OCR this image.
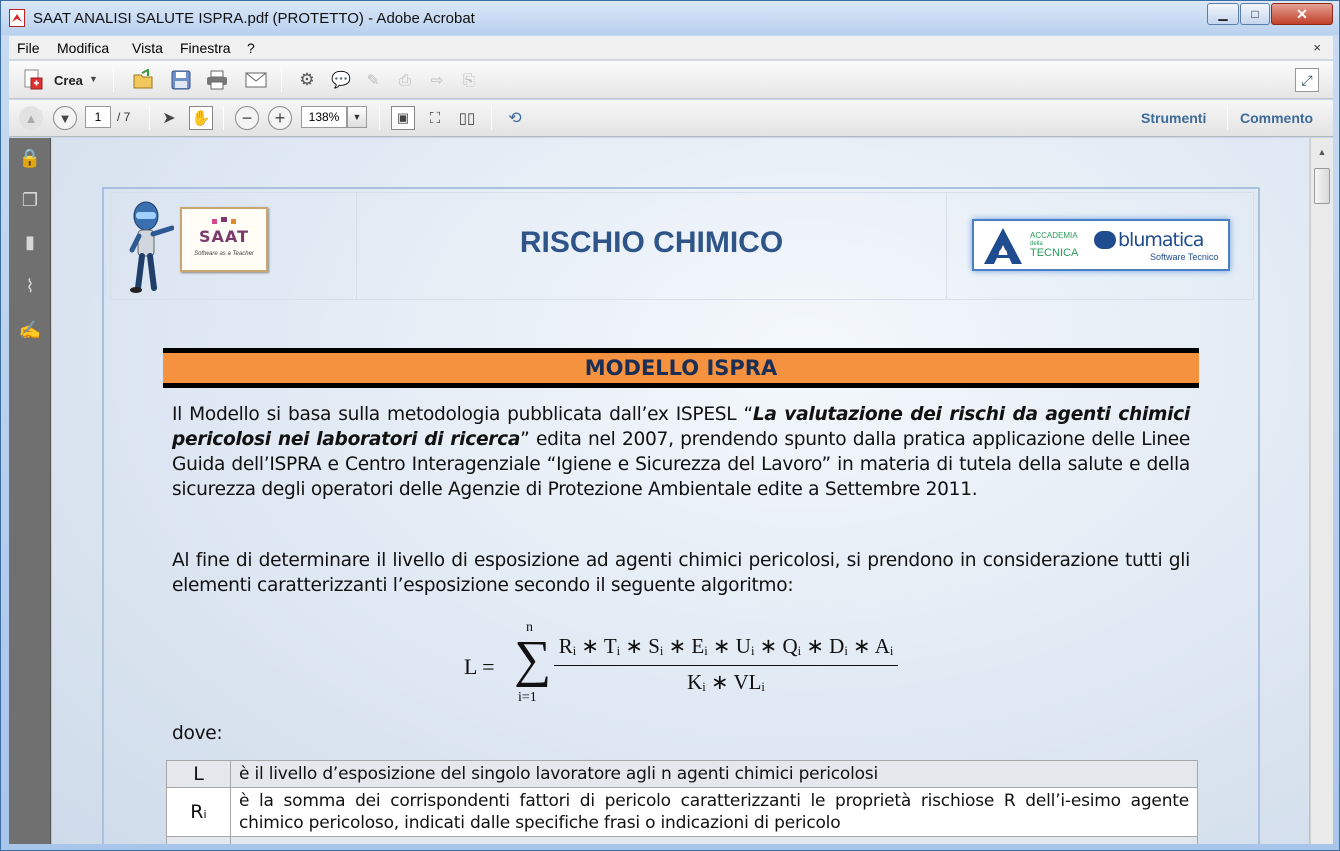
SAAT ANALISI SALUTE ISPRA.pdf (PROTETTO) - Adobe Acrobat	▁	□	✕
File Modifica Vista Finestra ?	×
Crea ▼	⚙ 💬	✎	⎙	⇨	⎘	⤢
▲	▼	1	/ 7	➤	✋	−	+	138%	▼	▣	⛶	▯▯	⟲	Strumenti Commento
🔒
❐
▮
⌇
✍
SAAT
Software as a Teacher	RISCHIO CHIMICO	ACCADEMIA
della
TECNICA
blumatica
Software Tecnico
MODELLO ISPRA
Il Modello si basa sulla metodologia pubblicata dall’ex ISPESL “La valutazione dei rischi da agenti chimici pericolosi nei laboratori di ricerca” edita nel 2007, prendendo spunto dalla pratica applicazione delle Linee Guida dell’ISPRA e Centro Interagenziale “Igiene e Sicurezza del Lavoro” in materia di tutela della salute e della sicurezza degli operatori delle Agenzie di Protezione Ambientale edite a Settembre 2011.
Al fine di determinare il livello di esposizione ad agenti chimici pericolosi, si prendono in considerazione tutti gli elementi caratterizzanti l’esposizione secondo il seguente algoritmo:
L =
n
∑
i=1
Rᵢ ∗ Tᵢ ∗ Sᵢ ∗ Eᵢ ∗ Uᵢ ∗ Qᵢ ∗ Dᵢ ∗ Aᵢ
Kᵢ ∗ VLᵢ
dove:
L	è il livello d’esposizione del singolo lavoratore agli n agenti chimici pericolosi
Rᵢ	è la somma dei corrispondenti fattori di pericolo caratterizzanti le proprietà rischiose R dell’i-esimo agente chimico pericoloso, indicati dalle specifiche frasi o indicazioni di pericolo

▲
